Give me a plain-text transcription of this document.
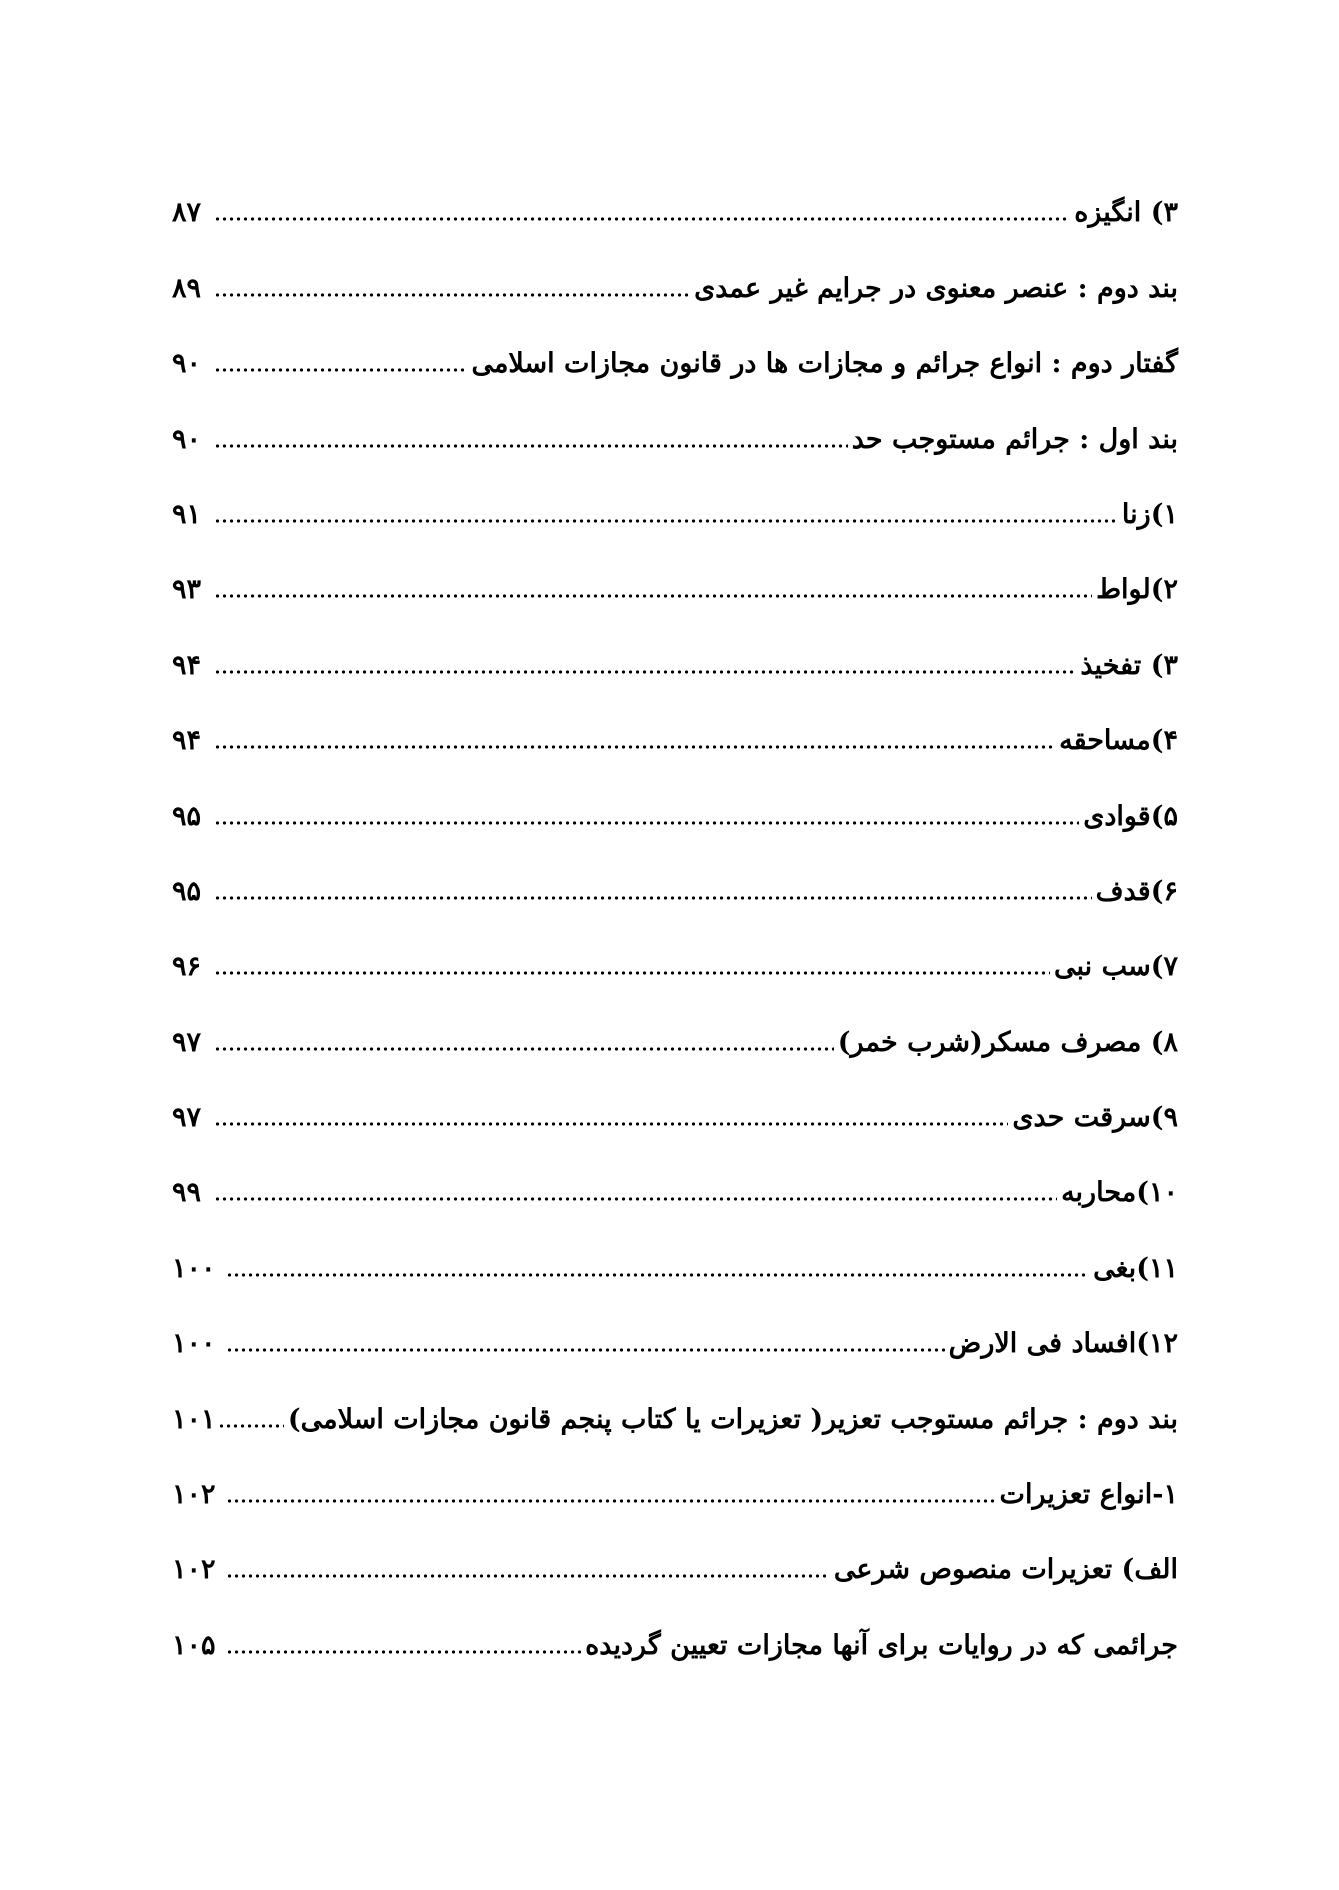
۳) انگیزه
۸۷
بند دوم : عنصر معنوی در جرایم غیر عمدی
۸۹
گفتار دوم : انواع جرائم و مجازات ها در قانون مجازات اسلامی
۹۰
بند اول : جرائم مستوجب حد
۹۰
۱)زنا
۹۱
۲)لواط
۹۳
۳) تفخیذ
۹۴
۴)مساحقه
۹۴
۵)قوادی
۹۵
۶)قدف
۹۵
۷)سب نبی
۹۶
۸) مصرف مسکر(شرب خمر)
۹۷
۹)سرقت حدی
۹۷
۱۰)محاربه
۹۹
۱۱)بغی
۱۰۰
۱۲)افساد فی الارض
۱۰۰
بند دوم : جرائم مستوجب تعزیر( تعزیرات یا کتاب پنجم قانون مجازات اسلامی)
۱۰۱
۱-انواع تعزیرات
۱۰۲
الف) تعزیرات منصوص شرعی
۱۰۲
جرائمی که در روایات برای آنها مجازات تعیین گردیده
۱۰۵
